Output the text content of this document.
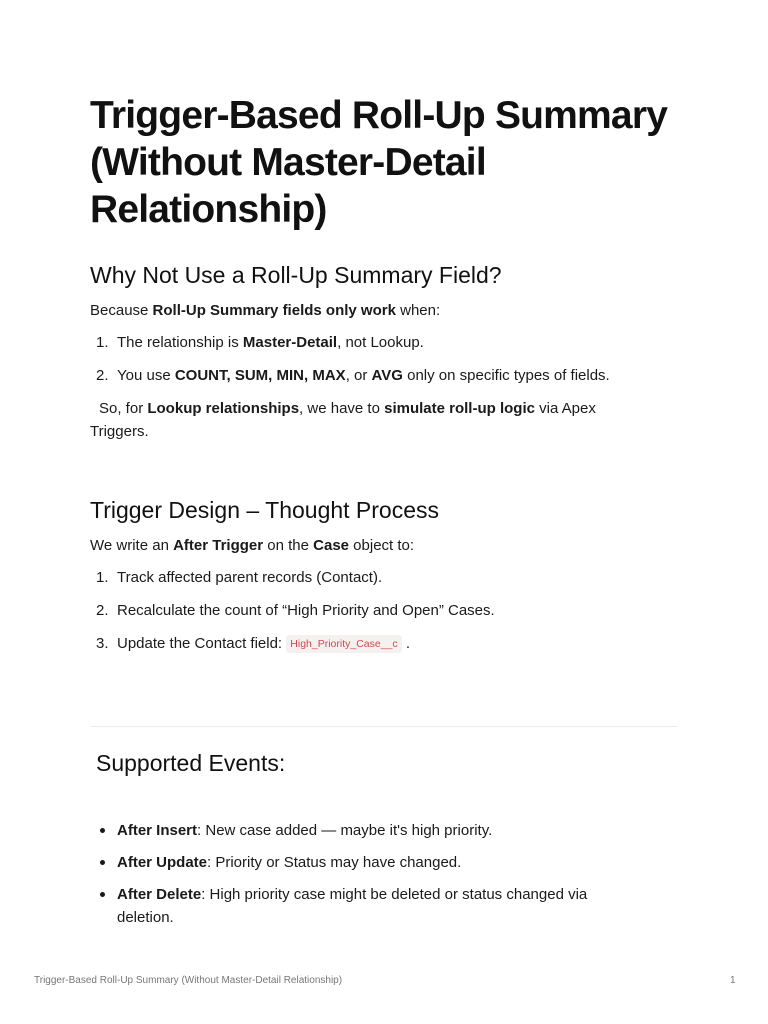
Trigger-Based Roll-Up Summary (Without Master-Detail Relationship)
Why Not Use a Roll-Up Summary Field?
Because Roll-Up Summary fields only work when:
1. The relationship is Master-Detail, not Lookup.
2. You use COUNT, SUM, MIN, MAX, or AVG only on specific types of fields.
So, for Lookup relationships, we have to simulate roll-up logic via Apex Triggers.
Trigger Design – Thought Process
We write an After Trigger on the Case object to:
1. Track affected parent records (Contact).
2. Recalculate the count of “High Priority and Open” Cases.
3. Update the Contact field: High_Priority_Case__c .
Supported Events:
After Insert: New case added — maybe it's high priority.
After Update: Priority or Status may have changed.
After Delete: High priority case might be deleted or status changed via deletion.
Trigger-Based Roll-Up Summary (Without Master-Detail Relationship)	1
